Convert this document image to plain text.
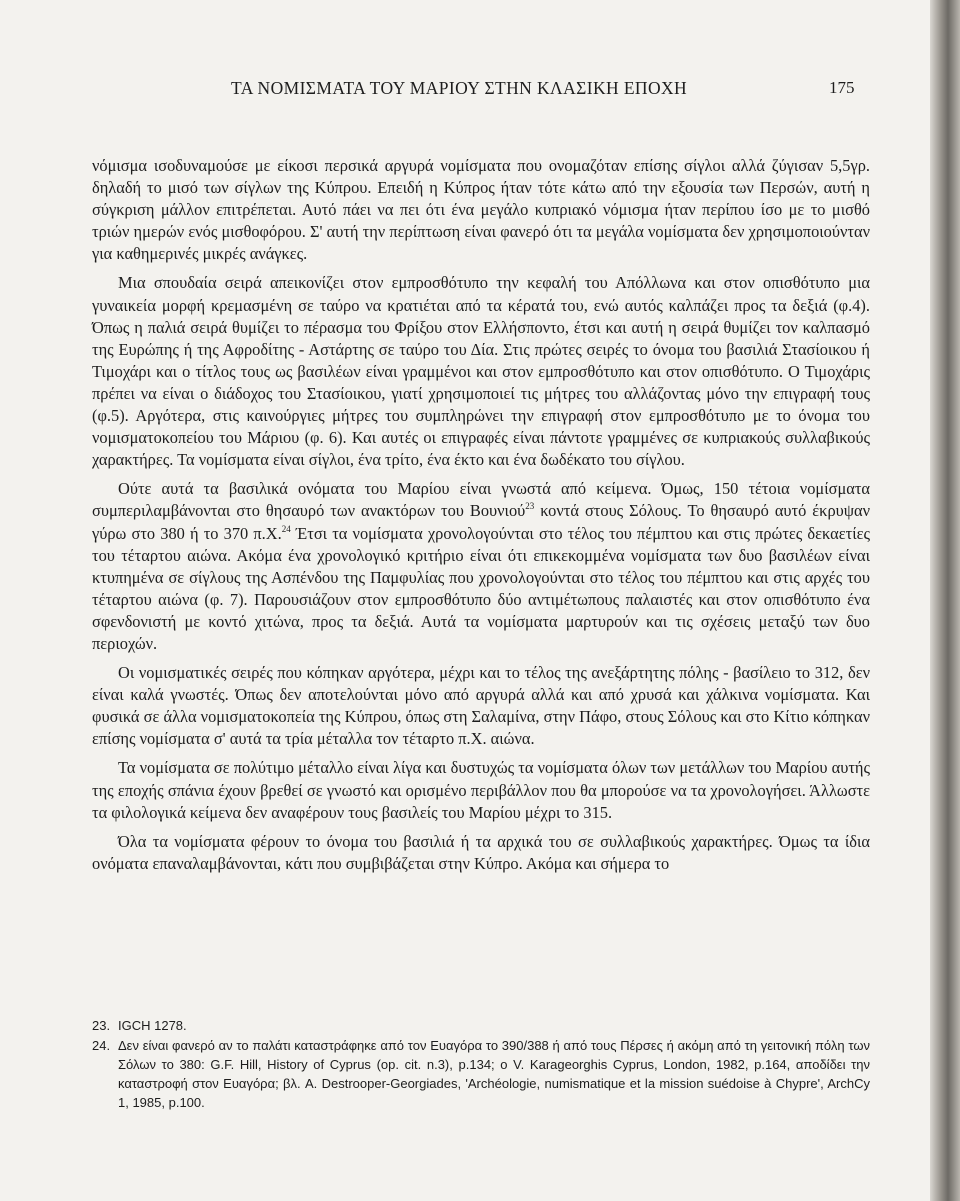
ΤΑ ΝΟΜΙΣΜΑΤΑ ΤΟΥ ΜΑΡΙΟΥ ΣΤΗΝ ΚΛΑΣΙΚΗ ΕΠΟΧΗ	175

νόμισμα ισοδυναμούσε με είκοσι περσικά αργυρά νομίσματα που ονομαζόταν επίσης σίγλοι αλλά ζύγισαν 5,5γρ. δηλαδή το μισό των σίγλων της Κύπρου. Επειδή η Κύπρος ήταν τότε κάτω από την εξουσία των Περσών, αυτή η σύγκριση μάλλον επιτρέπεται. Αυτό πάει να πει ότι ένα μεγάλο κυπριακό νόμισμα ήταν περίπου ίσο με το μισθό τριών ημερών ενός μισθοφόρου. Σ' αυτή την περίπτωση είναι φανερό ότι τα μεγάλα νομίσματα δεν χρησιμοποιούνταν για καθημερινές μικρές ανάγκες.

Μια σπουδαία σειρά απεικονίζει στον εμπροσθότυπο την κεφαλή του Απόλλωνα και στον οπισθότυπο μια γυναικεία μορφή κρεμασμένη σε ταύρο να κρατιέται από τα κέρατά του, ενώ αυτός καλπάζει προς τα δεξιά (φ.4). Όπως η παλιά σειρά θυμίζει το πέρασμα του Φρίξου στον Ελλήσποντο, έτσι και αυτή η σειρά θυμίζει τον καλπασμό της Ευρώπης ή της Αφροδίτης - Αστάρτης σε ταύρο του Δία. Στις πρώτες σειρές το όνομα του βασιλιά Στασίοικου ή Τιμοχάρι και ο τίτλος τους ως βασιλέων είναι γραμμένοι και στον εμπροσθότυπο και στον οπισθότυπο. Ο Τιμοχάρις πρέπει να είναι ο διάδοχος του Στασίοικου, γιατί χρησιμοποιεί τις μήτρες του αλλάζοντας μόνο την επιγραφή τους (φ.5). Αργότερα, στις καινούργιες μήτρες του συμπληρώνει την επιγραφή στον εμπροσθότυπο με το όνομα του νομισματοκοπείου του Μάριου (φ. 6). Και αυτές οι επιγραφές είναι πάντοτε γραμμένες σε κυπριακούς συλλαβικούς χαρακτήρες. Τα νομίσματα είναι σίγλοι, ένα τρίτο, ένα έκτο και ένα δωδέκατο του σίγλου.

Ούτε αυτά τα βασιλικά ονόματα του Μαρίου είναι γνωστά από κείμενα. Όμως, 150 τέτοια νομίσματα συμπεριλαμβάνονται στο θησαυρό των ανακτόρων του Βουνιού$^{23}$ κοντά στους Σόλους. Το θησαυρό αυτό έκρυψαν γύρω στο 380 ή το 370 π.Χ.$^{24}$ Έτσι τα νομίσματα χρονολογούνται στο τέλος του πέμπτου και στις πρώτες δεκαετίες του τέταρτου αιώνα. Ακόμα ένα χρονολογικό κριτήριο είναι ότι επικεκομμένα νομίσματα των δυο βασιλέων είναι κτυπημένα σε σίγλους της Ασπένδου της Παμφυλίας που χρονολογούνται στο τέλος του πέμπτου και στις αρχές του τέταρτου αιώνα (φ. 7). Παρουσιάζουν στον εμπροσθότυπο δύο αντιμέτωπους παλαιστές και στον οπισθότυπο ένα σφενδονιστή με κοντό χιτώνα, προς τα δεξιά. Αυτά τα νομίσματα μαρτυρούν και τις σχέσεις μεταξύ των δυο περιοχών.

Οι νομισματικές σειρές που κόπηκαν αργότερα, μέχρι και το τέλος της ανεξάρτητης πόλης - βασίλειο το 312, δεν είναι καλά γνωστές. Όπως δεν αποτελούνται μόνο από αργυρά αλλά και από χρυσά και χάλκινα νομίσματα. Και φυσικά σε άλλα νομισματοκοπεία της Κύπρου, όπως στη Σαλαμίνα, στην Πάφο, στους Σόλους και στο Κίτιο κόπηκαν επίσης νομίσματα σ' αυτά τα τρία μέταλλα τον τέταρτο π.Χ. αιώνα.

Τα νομίσματα σε πολύτιμο μέταλλο είναι λίγα και δυστυχώς τα νομίσματα όλων των μετάλλων του Μαρίου αυτής της εποχής σπάνια έχουν βρεθεί σε γνωστό και ορισμένο περιβάλλον που θα μπορούσε να τα χρονολογήσει. Άλλωστε τα φιλολογικά κείμενα δεν αναφέρουν τους βασιλείς του Μαρίου μέχρι το 315.

Όλα τα νομίσματα φέρουν το όνομα του βασιλιά ή τα αρχικά του σε συλλαβικούς χαρακτήρες. Όμως τα ίδια ονόματα επαναλαμβάνονται, κάτι που συμβιβάζεται στην Κύπρο. Ακόμα και σήμερα το

23. IGCH 1278.
24. Δεν είναι φανερό αν το παλάτι καταστράφηκε από τον Ευαγόρα το 390/388 ή από τους Πέρσες ή ακόμη από τη γειτονική πόλη των Σόλων το 380: G.F. Hill, History of Cyprus (op. cit. n.3), p.134; ο V. Karageorghis Cyprus, London, 1982, p.164, αποδίδει την καταστροφή στον Ευαγόρα; βλ. A. Destrooper-Georgiades, 'Archéologie, numismatique et la mission suédoise à Chypre', ArchCy 1, 1985, p.100.
